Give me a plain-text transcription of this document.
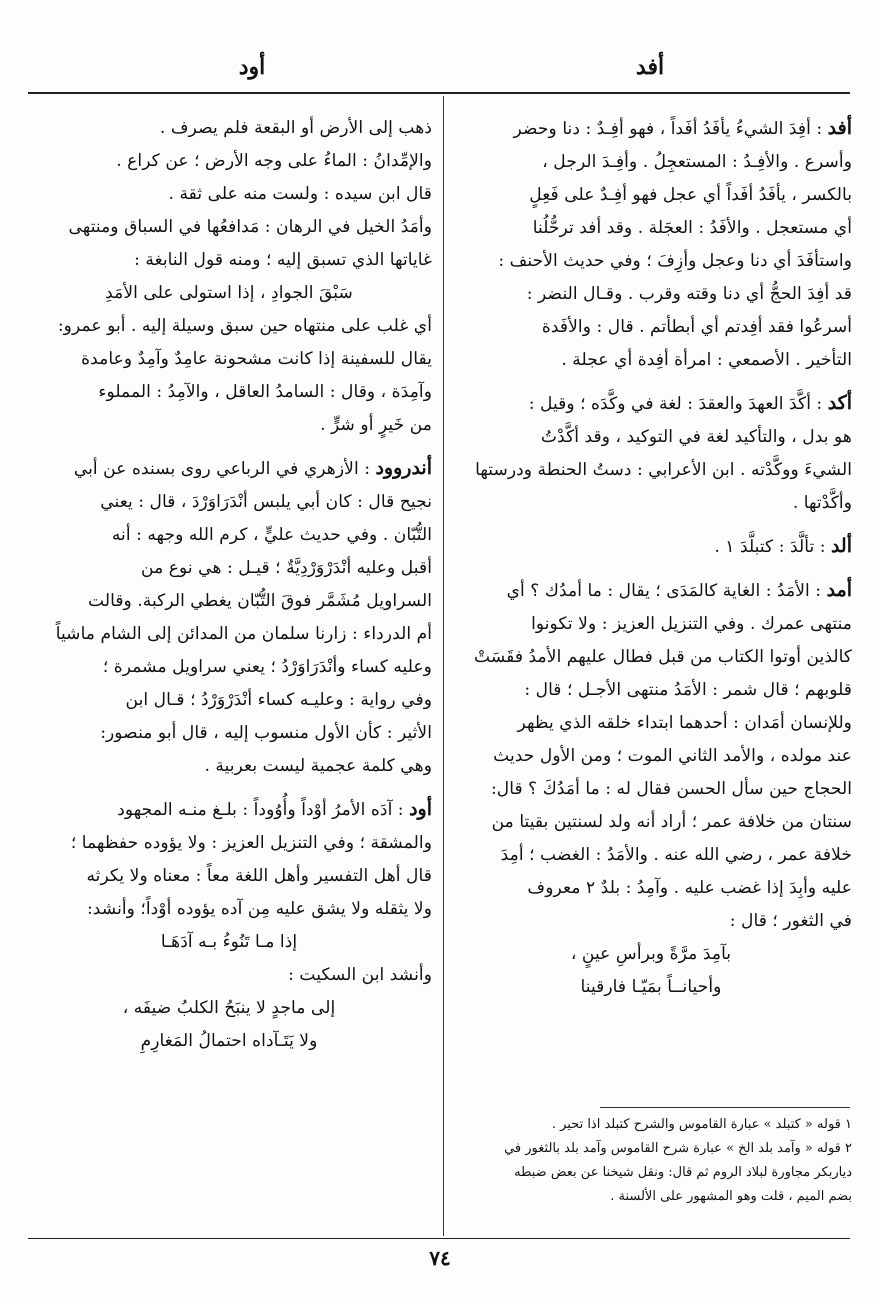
أفد
أود
أفد : أفِدَ الشيءُ يأفَدُ أفَداً ، فهو أفِـدٌ : دنا وحضر
وأسرع . والأفِـدُ : المستعجِلُ . وأفِـدَ الرجل ،
بالكسر ، يأفَدُ أفَداً أي عجل فهو أفِـدٌ على فَعِلٍ
أي مستعجل . والأفَدُ : العجَلة . وقد أفد ترحُّلُنا
واستأفَدَ أي دنا وعجل وأزِفَ ؛ وفي حديث الأحنف :
قد أفِدَ الحجُّ أي دنا وقته وقرب . وقـال النضر :
أسرعُوا فقد أفِدتم أي أبطأتم . قال : والأفَدة
التأخير . الأصمعي : امرأة أفِدة أي عجلة .
أكد : أكَّدَ العهدَ والعقدَ : لغة في وكَّدَه ؛ وقيل :
هو بدل ، والتأكيد لغة في التوكيد ، وقد أكَّدْتُ
الشيءَ ووكَّدْته . ابن الأعرابي : دستُ الحنطة ودرستها
وأكَّدْتها .
ألد : تألَّدَ : كتبلَّدَ ١ .
أمد : الأمَدُ : الغاية كالمَدَى ؛ يقال : ما أمدُك ؟ أي
منتهى عمرك . وفي التنزيل العزيز : ولا تكونوا
كالذين أوتوا الكتاب من قبل فطال عليهم الأمدُ فقَسَتْ
قلوبهم ؛ قال شمر : الأمَدُ منتهى الأجـل ؛ قال :
وللإنسان أمَدان : أحدهما ابتداء خلقه الذي يظهر
عند مولده ، والأمد الثاني الموت ؛ ومن الأول حديث
الحجاج حين سأل الحسن فقال له : ما أمَدُكَ ؟ قال:
سنتان من خلافة عمر ؛ أراد أنه ولد لسنتين بقيتا من
خلافة عمر ، رضي الله عنه . والأمَدُ : الغضب ؛ أمِدَ
عليه وأبِدَ إذا غضب عليه . وآمِدُ : بلدٌ ٢ معروف
في الثغور ؛ قال :
بآمِدَ مرَّةً وبرأسِ عينٍ ،
وأحيانــاً بمَيّـا فارقينا
١ قوله « كتبلد » عبارة القاموس والشرح كتبلد اذا تحير .
٢ قوله « وآمد بلد الخ » عبارة شرح القاموس وآمد بلد بالثغور في
دياربكر مجاورة لبلاد الروم ثم قال: ونقل شيخنا عن بعض ضبطه
بضم الميم ، قلت وهو المشهور على الألسنة .
ذهب إلى الأرض أو البقعة فلم يصرف .
والإمِّدانُ : الماءُ على وجه الأرض ؛ عن كراع .
قال ابن سيده : ولست منه على ثقة .
وأمَدُ الخيل في الرهان : مَدافعُها في السباق ومنتهى
غاياتها الذي تسبق إليه ؛ ومنه قول النابغة :
سَبْقَ الجوادِ ، إذا استولى على الأمَدِ
أي غلب على منتهاه حين سبق وسيلة إليه . أبو عمرو:
يقال للسفينة إذا كانت مشحونة عامِدٌ وآمِدٌ وعامدة
وآمِدَة ، وقال : السامدُ العاقل ، والآمِدُ : المملوء
من خَيرٍ أو شرٍّ .
أندروود : الأزهري في الرباعي روى بسنده عن أبي
نجيح قال : كان أبي يلبس أنْدَرَاوَرْدَ ، قال : يعني
التُّبّان . وفي حديث عليٍّ ، كرم الله وجهه : أنه
أقبل وعليه أنْدَرْوَرْدِيَّةٌ ؛ قيـل : هي نوع من
السراويل مُشَمَّر فوقَ التُّبّان يغطي الركبة. وقالت
أم الدرداء : زارنا سلمان من المدائن إلى الشام ماشياً
وعليه كساء وأنْدَرَاوَرْدُ ؛ يعني سراويل مشمرة ؛
وفي رواية : وعليـه كساء أنْدَرْوَرْدُ ؛ قـال ابن
الأثير : كأن الأول منسوب إليه ، قال أبو منصور:
وهي كلمة عجمية ليست بعربية .
أود : آدَه الأمرُ أوْداً وأُوُوداً : بلـغ منـه المجهود
والمشقة ؛ وفي التنزيل العزيز : ولا يؤوده حفظهما ؛
قال أهل التفسير وأهل اللغة معاً : معناه ولا يكرثه
ولا يثقله ولا يشق عليه مِن آده يؤوده أوْداً؛ وأنشد:
إذا مـا تَنُوءُ بـه آدَهَـا
وأنشد ابن السكيت :
إلى ماجدٍ لا ينبَحُ الكلبُ ضيفَه ،
ولا يَتَـآداه احتمالُ المَغارِمِ
٧٤
